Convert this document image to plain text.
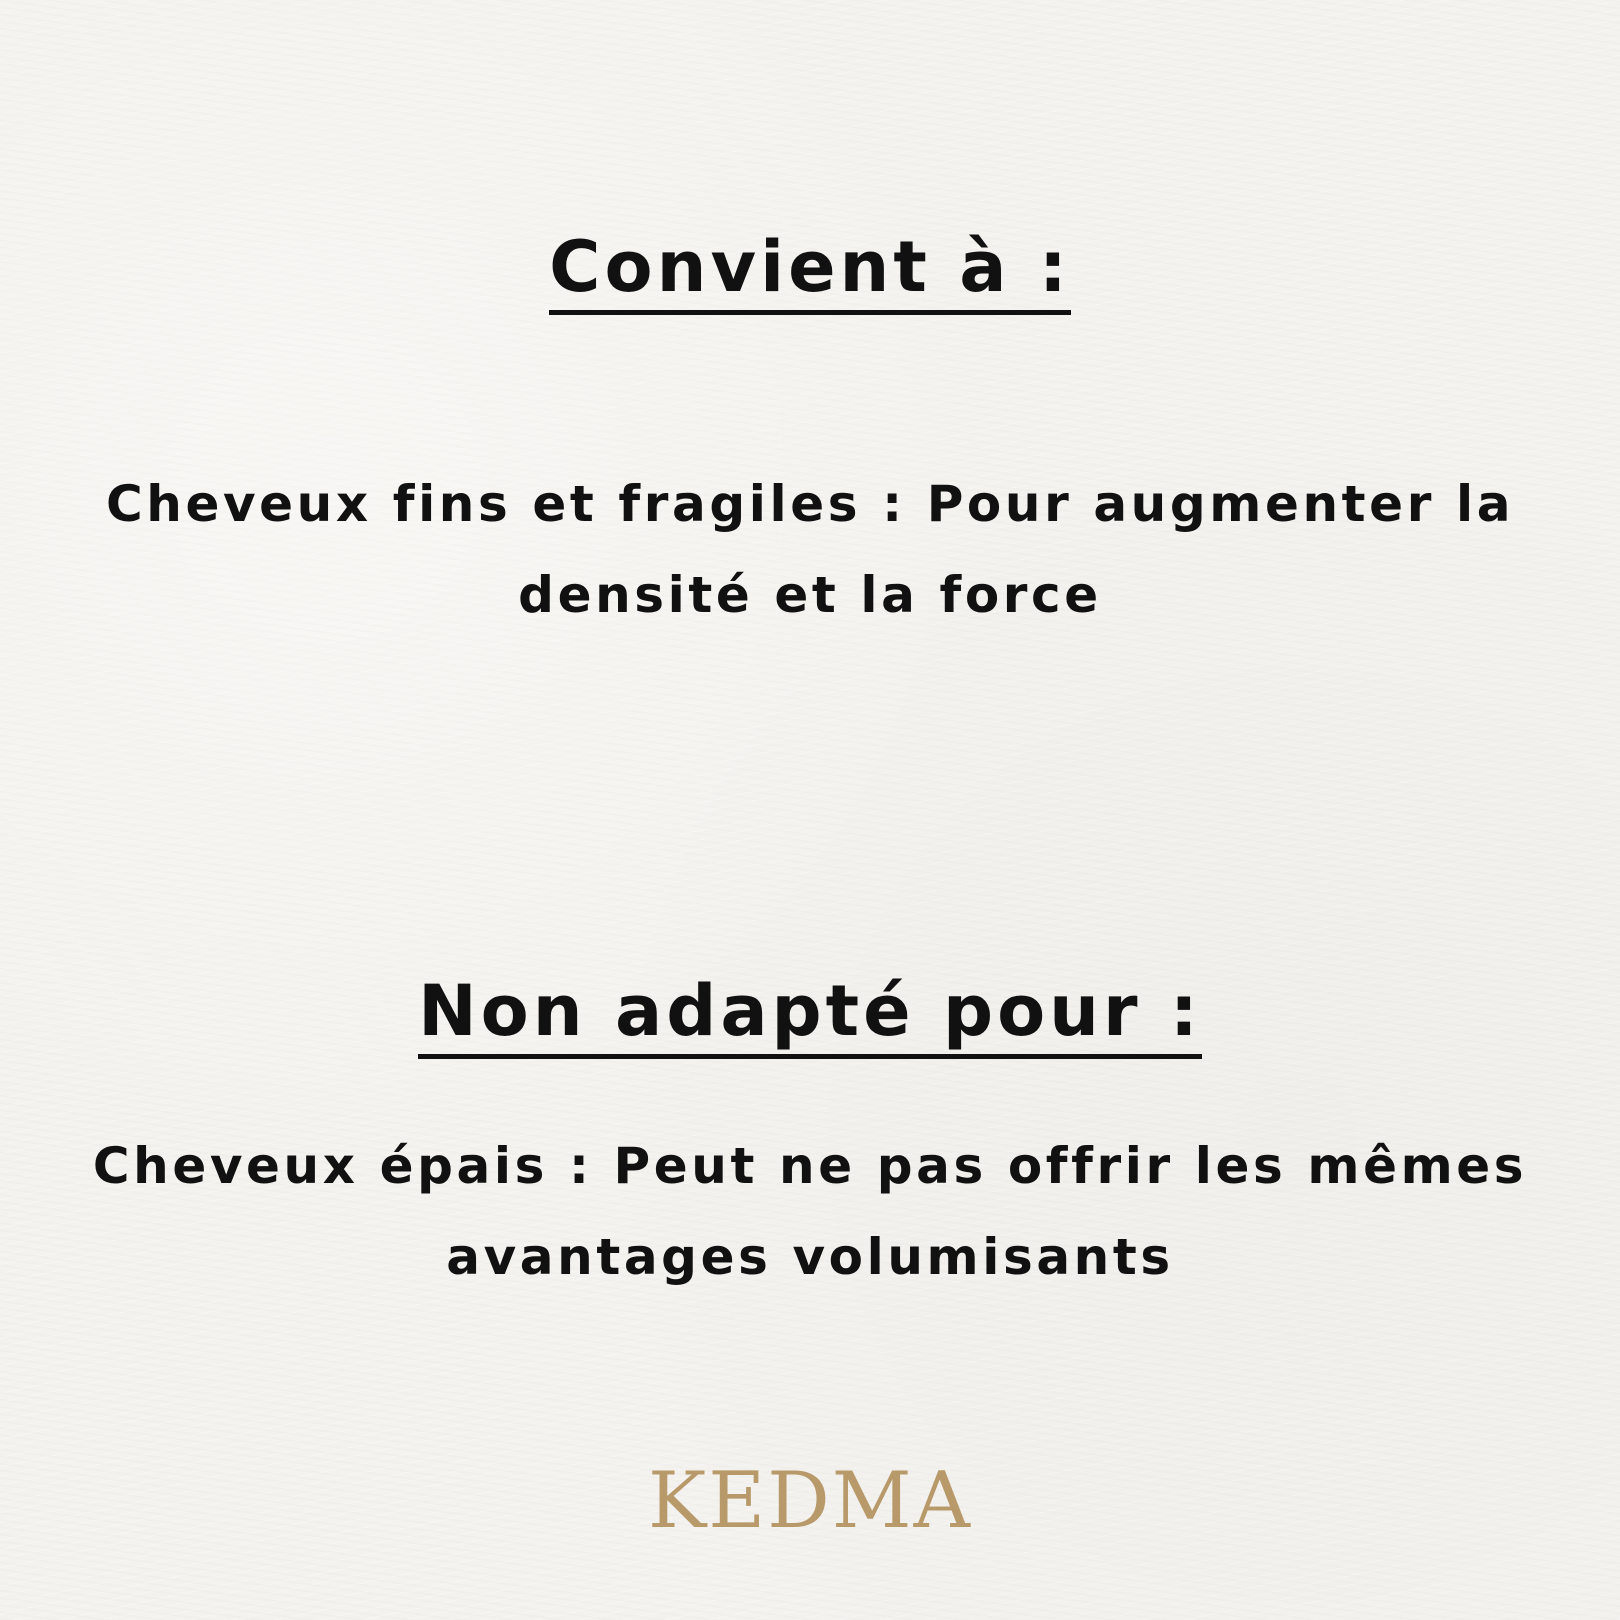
Convient à :

Cheveux fins et fragiles : Pour augmenter la
densité et la force

Non adapté pour :

Cheveux épais : Peut ne pas offrir les mêmes
avantages volumisants

KEDMA
